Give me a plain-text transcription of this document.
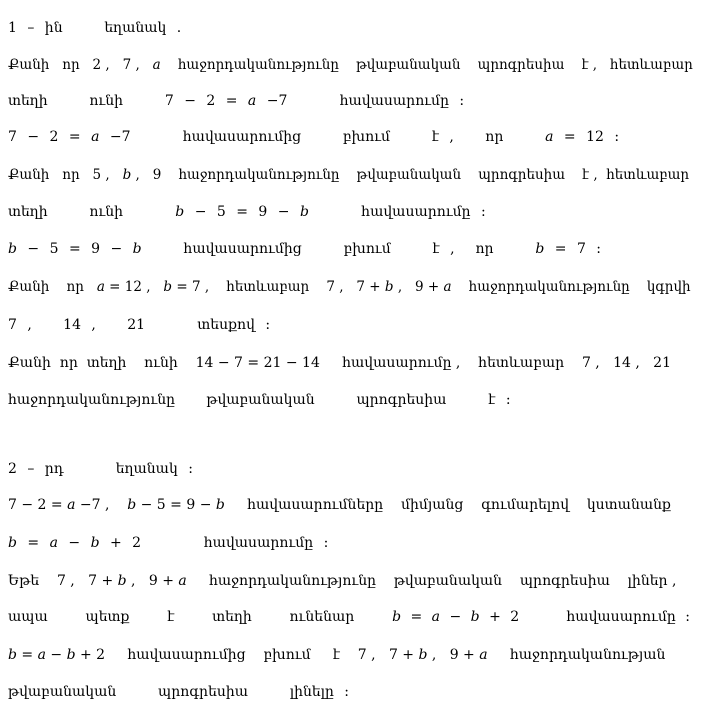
1 – ին    եղանակ .
Քանի   որ   2 ,   7 ,   𝑎    հաջորդականությունը    թվաբանական    պրոգրեսիա    է ,   հետևաբար
տեղի    ունի    7 − 2 = 𝑎 −7     հավասարումը :
7 − 2 = 𝑎 −7     հավասարումից    բխում    է ,   որ    𝑎 = 12 :
Քանի   որ   5 ,   𝑏 ,   9    հաջորդականությունը    թվաբանական    պրոգրեսիա    է ,  հետևաբար
տեղի    ունի     𝑏 − 5 = 9 − 𝑏     հավասարումը :
𝑏 − 5 = 9 − 𝑏    հավասարումից    բխում    է ,  որ    𝑏 = 7 :
Քանի    որ   𝑎 = 12 ,   𝑏 = 7 ,    հետևաբար    7 ,   7 + 𝑏 ,   9 + 𝑎    հաջորդականությունը    կգրվի
7 ,   14 ,   21     տեսքով :
Քանի  որ  տեղի    ունի    14 − 7 = 21 − 14     հավասարումը ,    հետևաբար    7 ,   14 ,   21
հաջորդականությունը   թվաբանական    պրոգրեսիա    է :
2 – րդ     եղանակ :
7 − 2 = 𝑎 −7 ,    𝑏 − 5 = 9 − 𝑏     հավասարումները    միմյանց    գումարելով    կստանանք
𝑏 = 𝑎 − 𝑏 + 2      հավասարումը :
Եթե    7 ,   7 + 𝑏 ,   9 + 𝑎     հաջորդականությունը    թվաբանական    պրոգրեսիա    լիներ ,
ապա    պետք    է    տեղի    ունենար    𝑏 = 𝑎 − 𝑏 + 2     հավասարումը :
𝑏 = 𝑎 − 𝑏 + 2     հավասարումից    բխում     է    7 ,   7 + 𝑏 ,   9 + 𝑎     հաջորդականության
թվաբանական    պրոգրեսիա    լինելը :
